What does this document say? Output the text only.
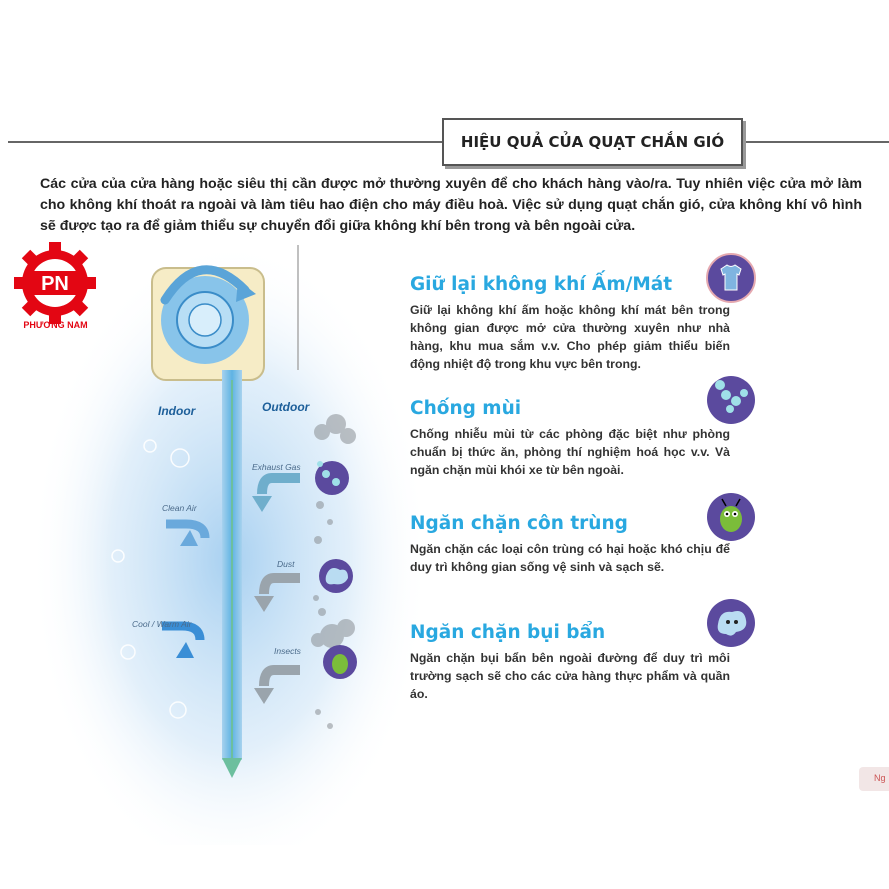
HIỆU QUẢ CỦA QUẠT CHẮN GIÓ
Các cửa của cửa hàng hoặc siêu thị cần được mở thường xuyên để cho khách hàng vào/ra. Tuy nhiên việc cửa mở làm cho không khí thoát ra ngoài và làm tiêu hao điện cho máy điều hoà. Việc sử dụng quạt chắn gió, cửa không khí vô hình sẽ được tạo ra để giảm thiểu sự chuyển đổi giữa không khí bên trong và bên ngoài cửa.
PN
PHƯƠNG NAM
Indoor	Outdoor
Clean Air
Cool / Warm Air
Exhaust Gas
Dust
Insects
Giữ lại không khí Ấm/Mát

Giữ lại không khí ấm hoặc không khí mát bên trong không gian được mở cửa thường xuyên như nhà hàng, khu mua sắm v.v. Cho phép giảm thiểu biến động nhiệt độ trong khu vực bên trong.

Chống mùi

Chống nhiễu mùi từ các phòng đặc biệt như phòng chuẩn bị thức ăn, phòng thí nghiệm hoá học v.v. Và ngăn chặn mùi khói xe từ bên ngoài.

Ngăn chặn côn trùng

Ngăn chặn các loại côn trùng có hại hoặc khó chịu để duy trì không gian sống vệ sinh và sạch sẽ.

Ngăn chặn bụi bẩn

Ngăn chặn bụi bẩn bên ngoài đường để duy trì môi trường sạch sẽ cho các cửa hàng thực phẩm và quần áo.

Ng
